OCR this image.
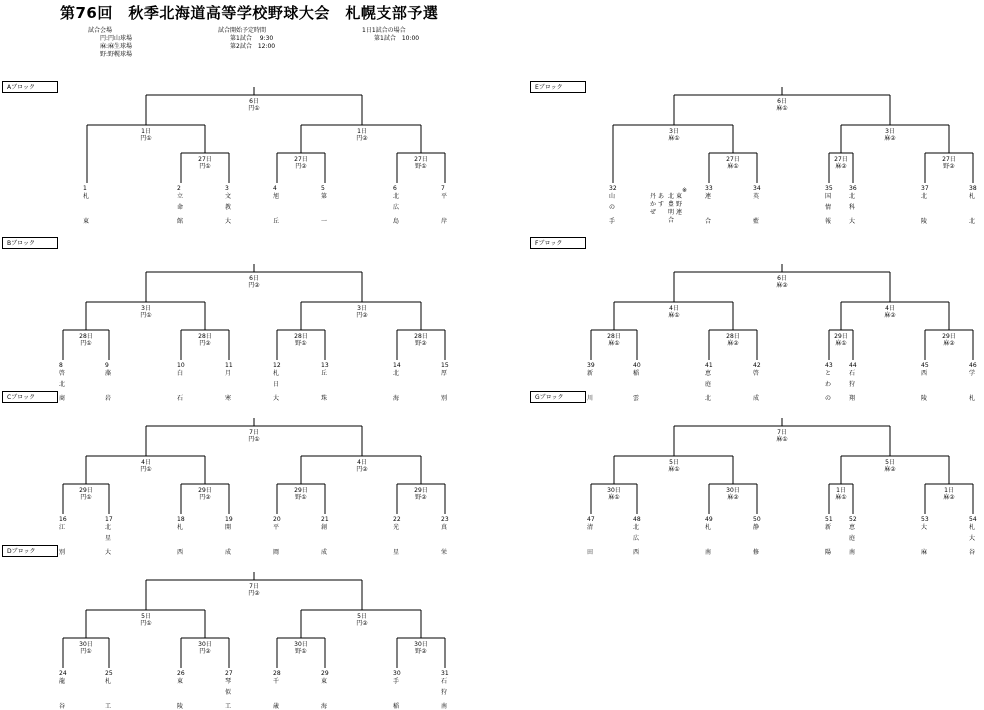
第76回　秋季北海道高等学校野球大会　札幌支部予選
試合会場
円:円山球場
麻:麻生球場
野:野幌球場
試合開始予定時間
第1試合　 9:30
第2試合　12:00
1日1試合の場合
第1試合　10:00
Aブロック
6日
円①
1日
円①
1日
円②
27日
円①
27日
円②
27日
野①
1
札
東
2
立
命
館
3
文
教
大
4
旭
丘
5
第
一
6
北
広
島
7
平
岸
Bブロック
6日
円②
3日
円①
3日
円②
28日
円①
28日
円②
28日
野①
28日
野②
8
啓
北
商
9
藻
岩
10
白
石
11
月
寒
12
札
日
大
13
丘
珠
14
北
海
15
厚
別
Cブロック
7日
円①
4日
円①
4日
円②
29日
円①
29日
円②
29日
野①
29日
野②
16
江
別
17
北
星
大
18
札
西
19
開
成
20
平
岡
21
創
成
22
光
星
23
真
栄
Dブロック
7日
円②
5日
円①
5日
円②
30日
円①
30日
円②
30日
野①
30日
野②
24
龍
谷
25
札
工
26
東
陵
27
琴
似
工
28
千
歳
29
東
海
30
手
稲
31
石
狩
南
Eブロック
6日
麻①
3日
麻①
3日
麻②
27日
麻①
27日
麻②
27日
野②
32
山
の
手
33
連
合
34
英
藍
35
国
情
報
36
北
科
大
37
北
陵
38
札
北
※
東
野
連
北
豊
明
合
あ
す
丹
か
ぜ
Fブロック
6日
麻②
4日
麻①
4日
麻②
28日
麻①
28日
麻②
29日
麻①
29日
麻②
39
新
川
40
稲
雲
41
恵
庭
北
42
啓
成
43
と
わ
の
44
石
狩
翔
45
西
陵
46
学
札
Gブロック
7日
麻①
5日
麻①
5日
麻②
30日
麻①
30日
麻②
1日
麻①
1日
麻②
47
清
田
48
北
広
西
49
札
南
50
静
修
51
新
陽
52
恵
庭
南
53
大
麻
54
札
大
谷
